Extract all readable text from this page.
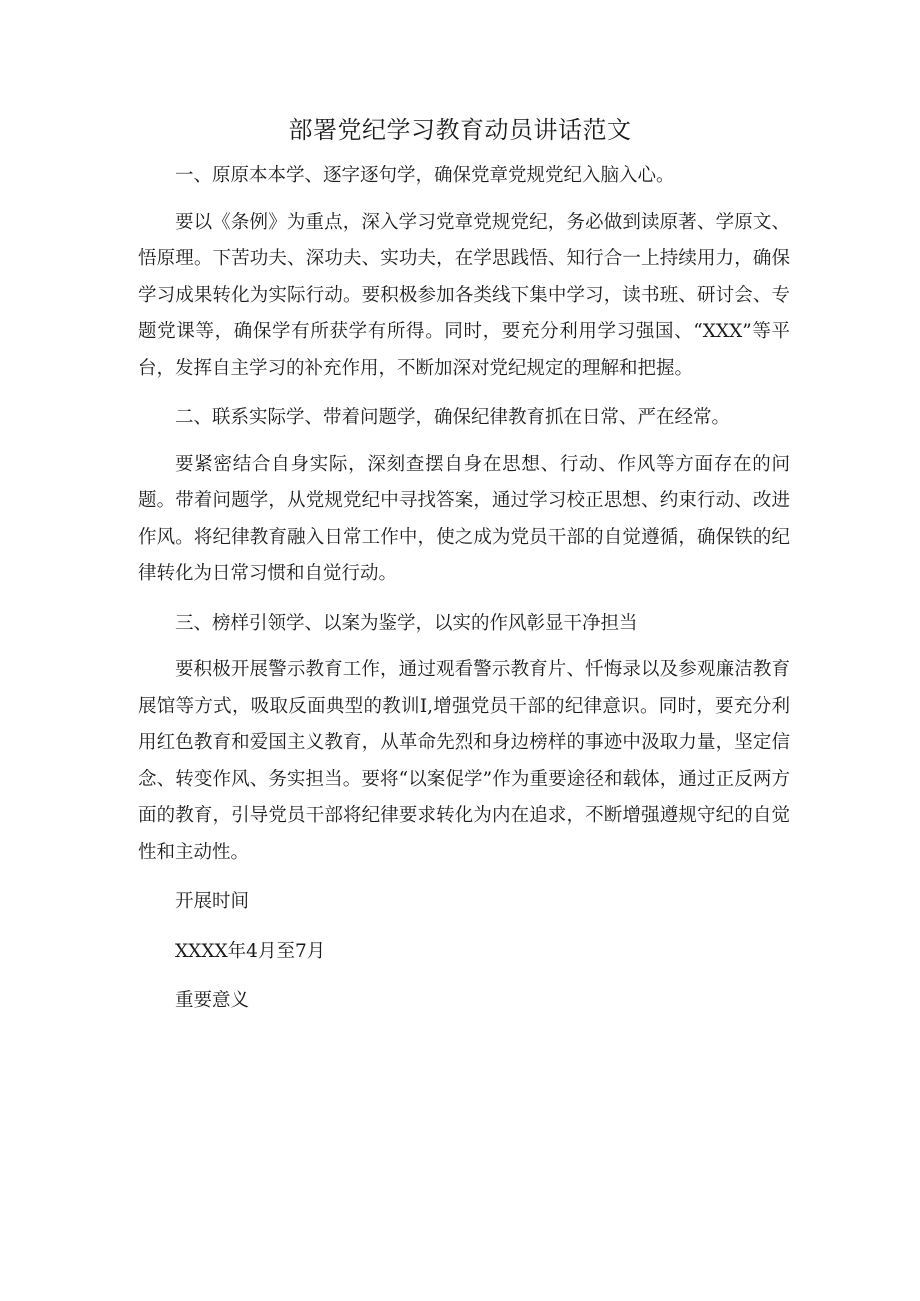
部署党纪学习教育动员讲话范文

一、原原本本学、逐字逐句学，确保党章党规党纪入脑入心。

要以《条例》为重点，深入学习党章党规党纪，务必做到读原著、学原文、悟原理。下苦功夫、深功夫、实功夫，在学思践悟、知行合一上持续用力，确保学习成果转化为实际行动。要积极参加各类线下集中学习，读书班、研讨会、专题党课等，确保学有所获学有所得。同时，要充分利用学习强国、“XXX”等平台，发挥自主学习的补充作用，不断加深对党纪规定的理解和把握。

二、联系实际学、带着问题学，确保纪律教育抓在日常、严在经常。

要紧密结合自身实际，深刻查摆自身在思想、行动、作风等方面存在的问题。带着问题学，从党规党纪中寻找答案，通过学习校正思想、约束行动、改进作风。将纪律教育融入日常工作中，使之成为党员干部的自觉遵循，确保铁的纪律转化为日常习惯和自觉行动。

三、榜样引领学、以案为鉴学，以实的作风彰显干净担当

要积极开展警示教育工作，通过观看警示教育片、忏悔录以及参观廉洁教育展馆等方式，吸取反面典型的教训I,增强党员干部的纪律意识。同时，要充分利用红色教育和爱国主义教育，从革命先烈和身边榜样的事迹中汲取力量，坚定信念、转变作风、务实担当。要将“以案促学”作为重要途径和载体，通过正反两方面的教育，引导党员干部将纪律要求转化为内在追求，不断增强遵规守纪的自觉性和主动性。

开展时间

XXXX年4月至7月

重要意义
